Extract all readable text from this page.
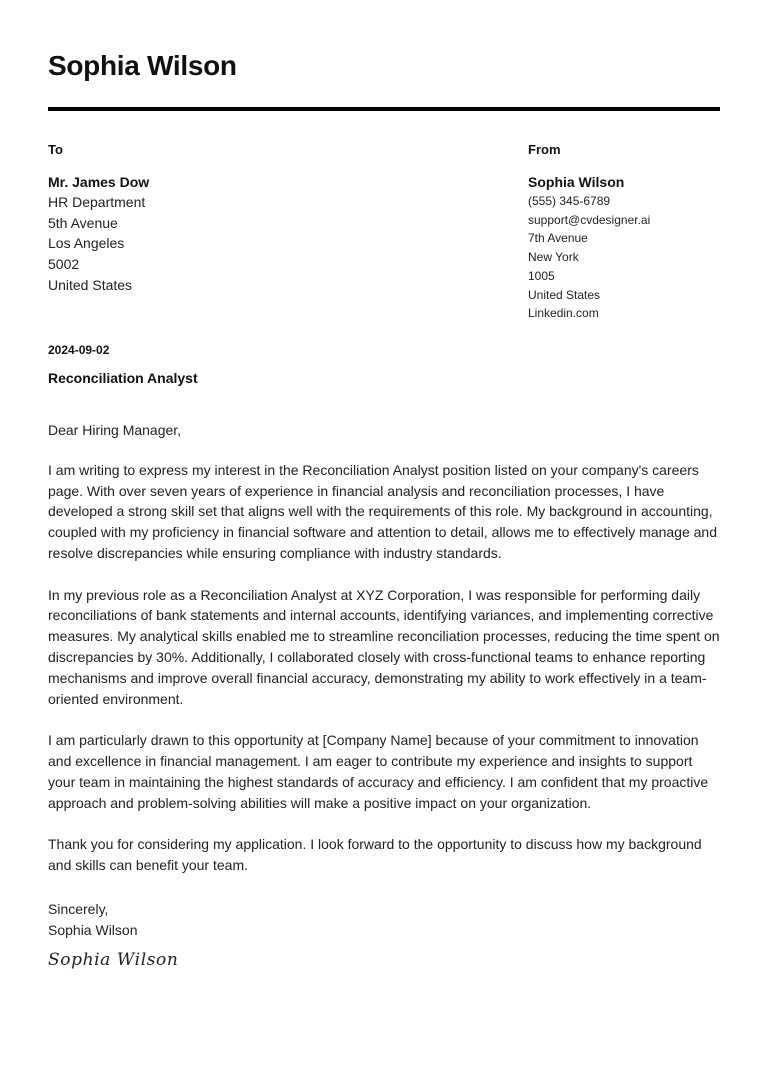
Sophia Wilson
To
Mr. James Dow
HR Department
5th Avenue
Los Angeles
5002
United States
From
Sophia Wilson
(555) 345-6789
support@cvdesigner.ai
7th Avenue
New York
1005
United States
Linkedin.com
2024-09-02
Reconciliation Analyst

Dear Hiring Manager,

I am writing to express my interest in the Reconciliation Analyst position listed on your company's careers page. With over seven years of experience in financial analysis and reconciliation processes, I have developed a strong skill set that aligns well with the requirements of this role. My background in accounting, coupled with my proficiency in financial software and attention to detail, allows me to effectively manage and resolve discrepancies while ensuring compliance with industry standards.

In my previous role as a Reconciliation Analyst at XYZ Corporation, I was responsible for performing daily reconciliations of bank statements and internal accounts, identifying variances, and implementing corrective measures. My analytical skills enabled me to streamline reconciliation processes, reducing the time spent on discrepancies by 30%. Additionally, I collaborated closely with cross-functional teams to enhance reporting mechanisms and improve overall financial accuracy, demonstrating my ability to work effectively in a team-oriented environment.

I am particularly drawn to this opportunity at [Company Name] because of your commitment to innovation and excellence in financial management. I am eager to contribute my experience and insights to support your team in maintaining the highest standards of accuracy and efficiency. I am confident that my proactive approach and problem-solving abilities will make a positive impact on your organization.

Thank you for considering my application. I look forward to the opportunity to discuss how my background and skills can benefit your team.

Sincerely,
Sophia Wilson
Sophia Wilson
